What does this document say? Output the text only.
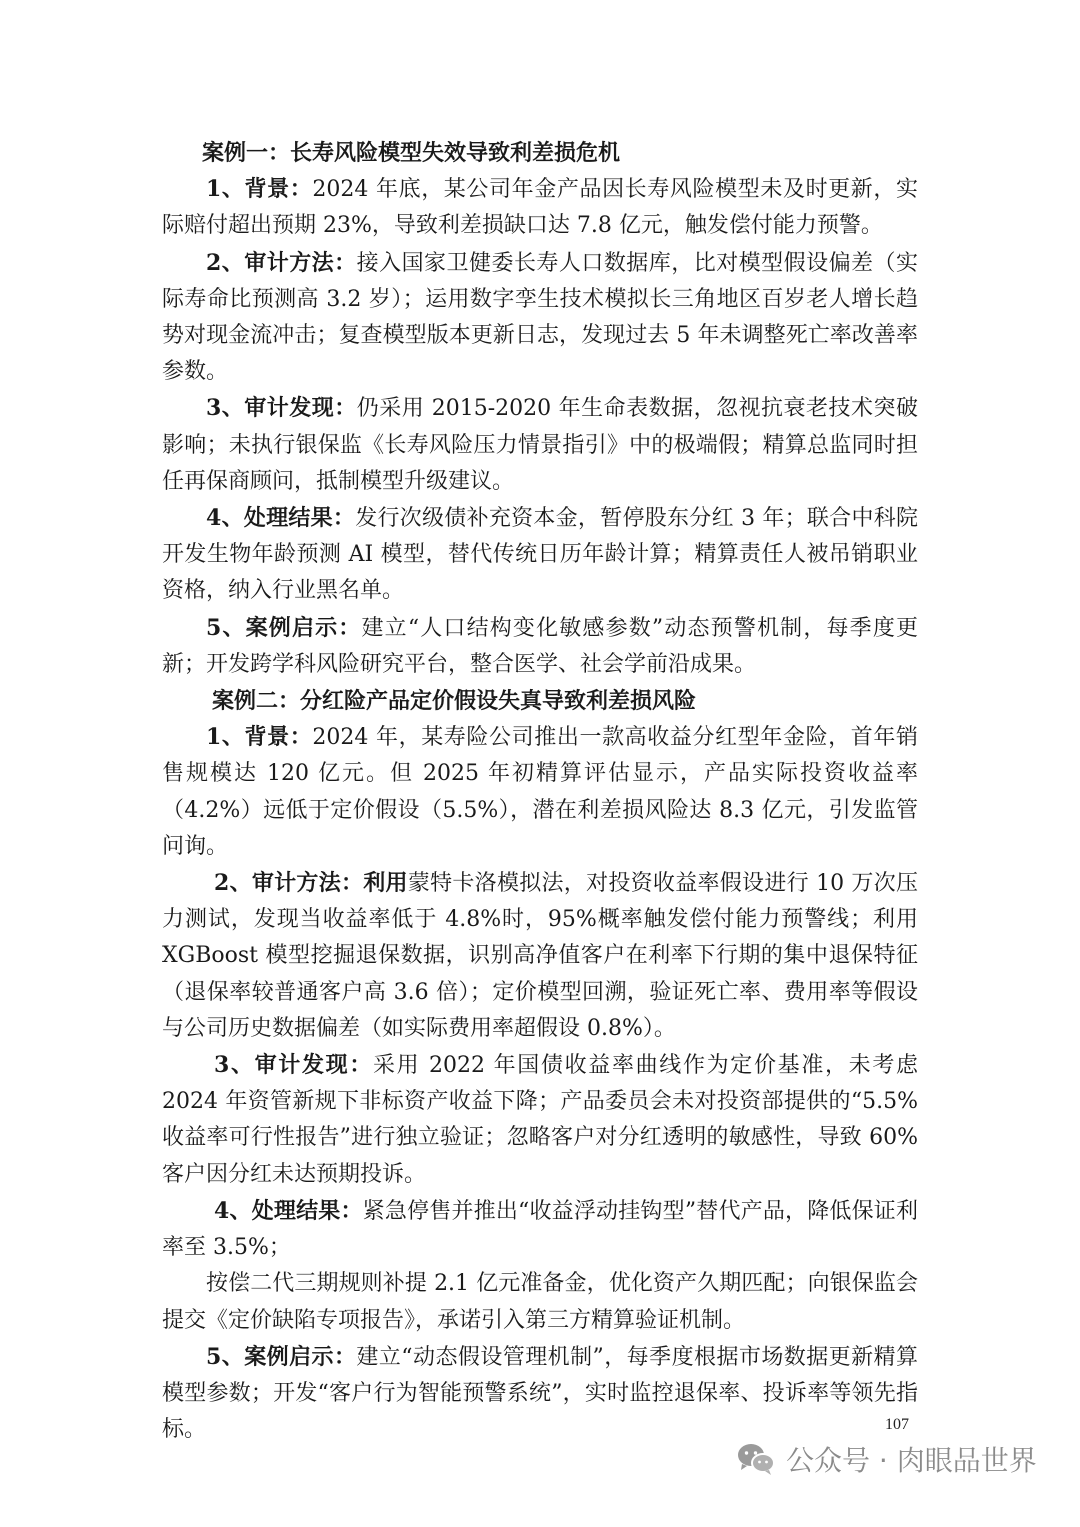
案例一：长寿风险模型失效导致利差损危机

1、背景：2024 年底，某公司年金产品因长寿风险模型未及时更新，实际赔付超出预期 23%，导致利差损缺口达 7.8 亿元，触发偿付能力预警。

2、审计方法：接入国家卫健委长寿人口数据库，比对模型假设偏差（实际寿命比预测高 3.2 岁）；运用数字孪生技术模拟长三角地区百岁老人增长趋势对现金流冲击；复查模型版本更新日志，发现过去 5 年未调整死亡率改善率参数。

3、审计发现：仍采用 2015-2020 年生命表数据，忽视抗衰老技术突破影响；未执行银保监《长寿风险压力情景指引》中的极端假；精算总监同时担任再保商顾问，抵制模型升级建议。

4、处理结果：发行次级债补充资本金，暂停股东分红 3 年；联合中科院开发生物年龄预测 AI 模型，替代传统日历年龄计算；精算责任人被吊销职业资格，纳入行业黑名单。

5、案例启示：建立“人口结构变化敏感参数”动态预警机制，每季度更新；开发跨学科风险研究平台，整合医学、社会学前沿成果。

案例二：分红险产品定价假设失真导致利差损风险

1、背景：2024 年，某寿险公司推出一款高收益分红型年金险，首年销售规模达 120 亿元。但 2025 年初精算评估显示，产品实际投资收益率（4.2%）远低于定价假设（5.5%），潜在利差损风险达 8.3 亿元，引发监管问询。

2、审计方法：利用蒙特卡洛模拟法，对投资收益率假设进行 10 万次压力测试，发现当收益率低于 4.8%时，95%概率触发偿付能力预警线；利用 XGBoost 模型挖掘退保数据，识别高净值客户在利率下行期的集中退保特征（退保率较普通客户高 3.6 倍）；定价模型回溯，验证死亡率、费用率等假设与公司历史数据偏差（如实际费用率超假设 0.8%）。

3、审计发现：采用 2022 年国债收益率曲线作为定价基准，未考虑 2024 年资管新规下非标资产收益下降；产品委员会未对投资部提供的“5.5%收益率可行性报告”进行独立验证；忽略客户对分红透明的敏感性，导致 60%客户因分红未达预期投诉。

4、处理结果：紧急停售并推出“收益浮动挂钩型”替代产品，降低保证利率至 3.5%；

按偿二代三期规则补提 2.1 亿元准备金，优化资产久期匹配；向银保监会提交《定价缺陷专项报告》，承诺引入第三方精算验证机制。

5、案例启示：建立“动态假设管理机制”，每季度根据市场数据更新精算模型参数；开发“客户行为智能预警系统”，实时监控退保率、投诉率等领先指标。	107
公众号 · 肉眼品世界
